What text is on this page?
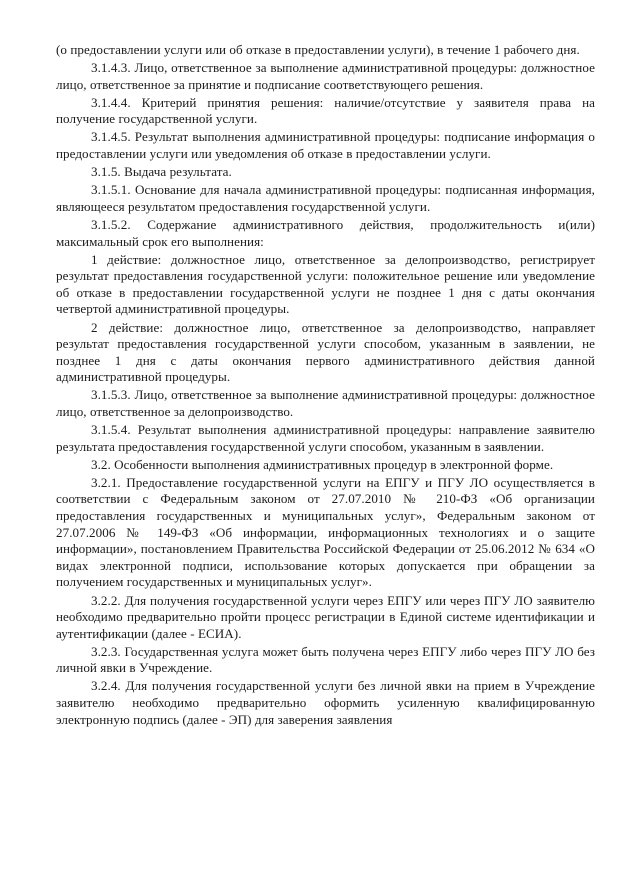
(о предоставлении услуги или об отказе в предоставлении услуги), в течение 1 рабочего дня.

3.1.4.3. Лицо, ответственное за выполнение административной процедуры: должностное лицо, ответственное за принятие и подписание соответствующего решения.

3.1.4.4. Критерий принятия решения: наличие/отсутствие у заявителя права на получение государственной услуги.

3.1.4.5. Результат выполнения административной процедуры: подписание информация о предоставлении услуги или уведомления об отказе в предоставлении услуги.

3.1.5. Выдача результата.

3.1.5.1. Основание для начала административной процедуры: подписанная информация, являющееся результатом предоставления государственной услуги.

3.1.5.2. Содержание административного действия, продолжительность и(или) максимальный срок его выполнения:

1 действие: должностное лицо, ответственное за делопроизводство, регистрирует результат предоставления государственной услуги: положительное решение или уведомление об отказе в предоставлении государственной услуги не позднее 1 дня с даты окончания четвертой административной процедуры.

2 действие: должностное лицо, ответственное за делопроизводство, направляет результат предоставления государственной услуги способом, указанным в заявлении, не позднее 1 дня с даты окончания первого административного действия данной административной процедуры.

3.1.5.3. Лицо, ответственное за выполнение административной процедуры: должностное лицо, ответственное за делопроизводство.

3.1.5.4. Результат выполнения административной процедуры: направление заявителю результата предоставления государственной услуги способом, указанным в заявлении.

3.2. Особенности выполнения административных процедур в электронной форме.

3.2.1. Предоставление государственной услуги на ЕПГУ и ПГУ ЛО осуществляется в соответствии с Федеральным законом от 27.07.2010 № 210-ФЗ «Об организации предоставления государственных и муниципальных услуг», Федеральным законом от 27.07.2006 № 149-ФЗ «Об информации, информационных технологиях и о защите информации», постановлением Правительства Российской Федерации от 25.06.2012 № 634 «О видах электронной подписи, использование которых допускается при обращении за получением государственных и муниципальных услуг».

3.2.2. Для получения государственной услуги через ЕПГУ или через ПГУ ЛО заявителю необходимо предварительно пройти процесс регистрации в Единой системе идентификации и аутентификации (далее - ЕСИА).

3.2.3. Государственная услуга может быть получена через ЕПГУ либо через ПГУ ЛО без личной явки в Учреждение.

3.2.4. Для получения государственной услуги без личной явки на прием в Учреждение заявителю необходимо предварительно оформить усиленную квалифицированную электронную подпись (далее - ЭП) для заверения заявления
